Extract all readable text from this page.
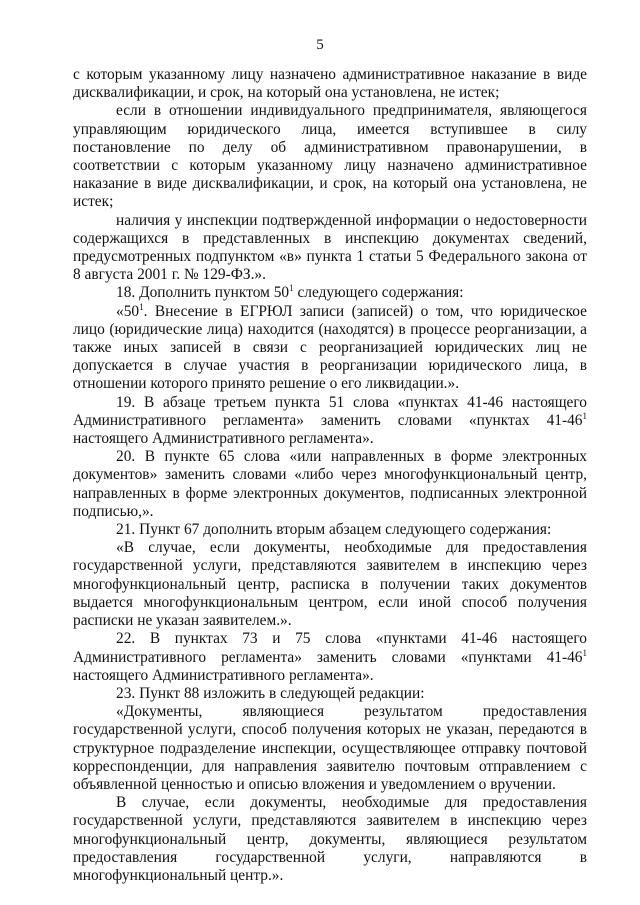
5

с которым указанному лицу назначено административное наказание в виде дисквалификации, и срок, на который она установлена, не истек;

если в отношении индивидуального предпринимателя, являющегося управляющим юридического лица, имеется вступившее в силу постановление по делу об административном правонарушении, в соответствии с которым указанному лицу назначено административное наказание в виде дисквалификации, и срок, на который она установлена, не истек;

наличия у инспекции подтвержденной информации о недостоверности содержащихся в представленных в инспекцию документах сведений, предусмотренных подпунктом «в» пункта 1 статьи 5 Федерального закона от 8 августа 2001 г. № 129-ФЗ.».

18. Дополнить пунктом $50^1$ следующего содержания:

«$50^1$. Внесение в ЕГРЮЛ записи (записей) о том, что юридическое лицо (юридические лица) находится (находятся) в процессе реорганизации, а также иных записей в связи с реорганизацией юридических лиц не допускается в случае участия в реорганизации юридического лица, в отношении которого принято решение о его ликвидации.».

19. В абзаце третьем пункта 51 слова «пунктах 41-46 настоящего Административного регламента» заменить словами «пунктах $41-46^1$ настоящего Административного регламента».

20. В пункте 65 слова «или направленных в форме электронных документов» заменить словами «либо через многофункциональный центр, направленных в форме электронных документов, подписанных электронной подписью,».

21. Пункт 67 дополнить вторым абзацем следующего содержания:

«В случае, если документы, необходимые для предоставления государственной услуги, представляются заявителем в инспекцию через многофункциональный центр, расписка в получении таких документов выдается многофункциональным центром, если иной способ получения расписки не указан заявителем.».

22. В пунктах 73 и 75 слова «пунктами 41-46 настоящего Административного регламента» заменить словами «пунктами $41-46^1$ настоящего Административного регламента».

23. Пункт 88 изложить в следующей редакции:

«Документы, являющиеся результатом предоставления государственной услуги, способ получения которых не указан, передаются в структурное подразделение инспекции, осуществляющее отправку почтовой корреспонденции, для направления заявителю почтовым отправлением с объявленной ценностью и описью вложения и уведомлением о вручении.

В случае, если документы, необходимые для предоставления государственной услуги, представляются заявителем в инспекцию через многофункциональный центр, документы, являющиеся результатом предоставления государственной услуги, направляются в многофункциональный центр.».
